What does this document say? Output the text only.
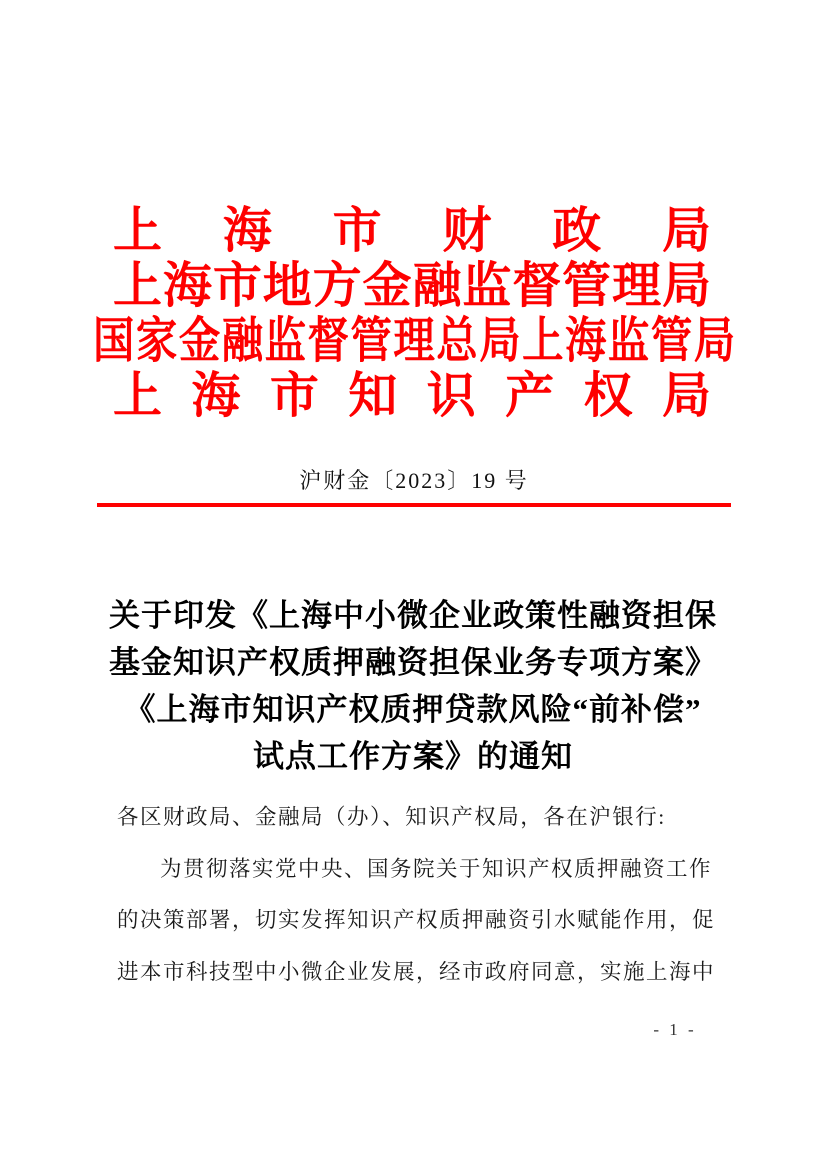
上 海 市 财 政 局
上 海 市 地 方 金 融 监 督 管 理 局
国 家 金 融 监 督 管 理 总 局 上 海 监 管 局
上 海 市 知 识 产 权 局
沪财金〔2023〕19 号
关于印发《上海中小微企业政策性融资担保
基金知识产权质押融资担保业务专项方案》
《上海市知识产权质押贷款风险“前补偿”
试点工作方案》的通知
各区财政局、金融局（办）、知识产权局，各在沪银行:
为贯彻落实党中央、国务院关于知识产权质押融资工作
的决策部署，切实发挥知识产权质押融资引水赋能作用，促
进本市科技型中小微企业发展，经市政府同意，实施上海中
- 1 -
